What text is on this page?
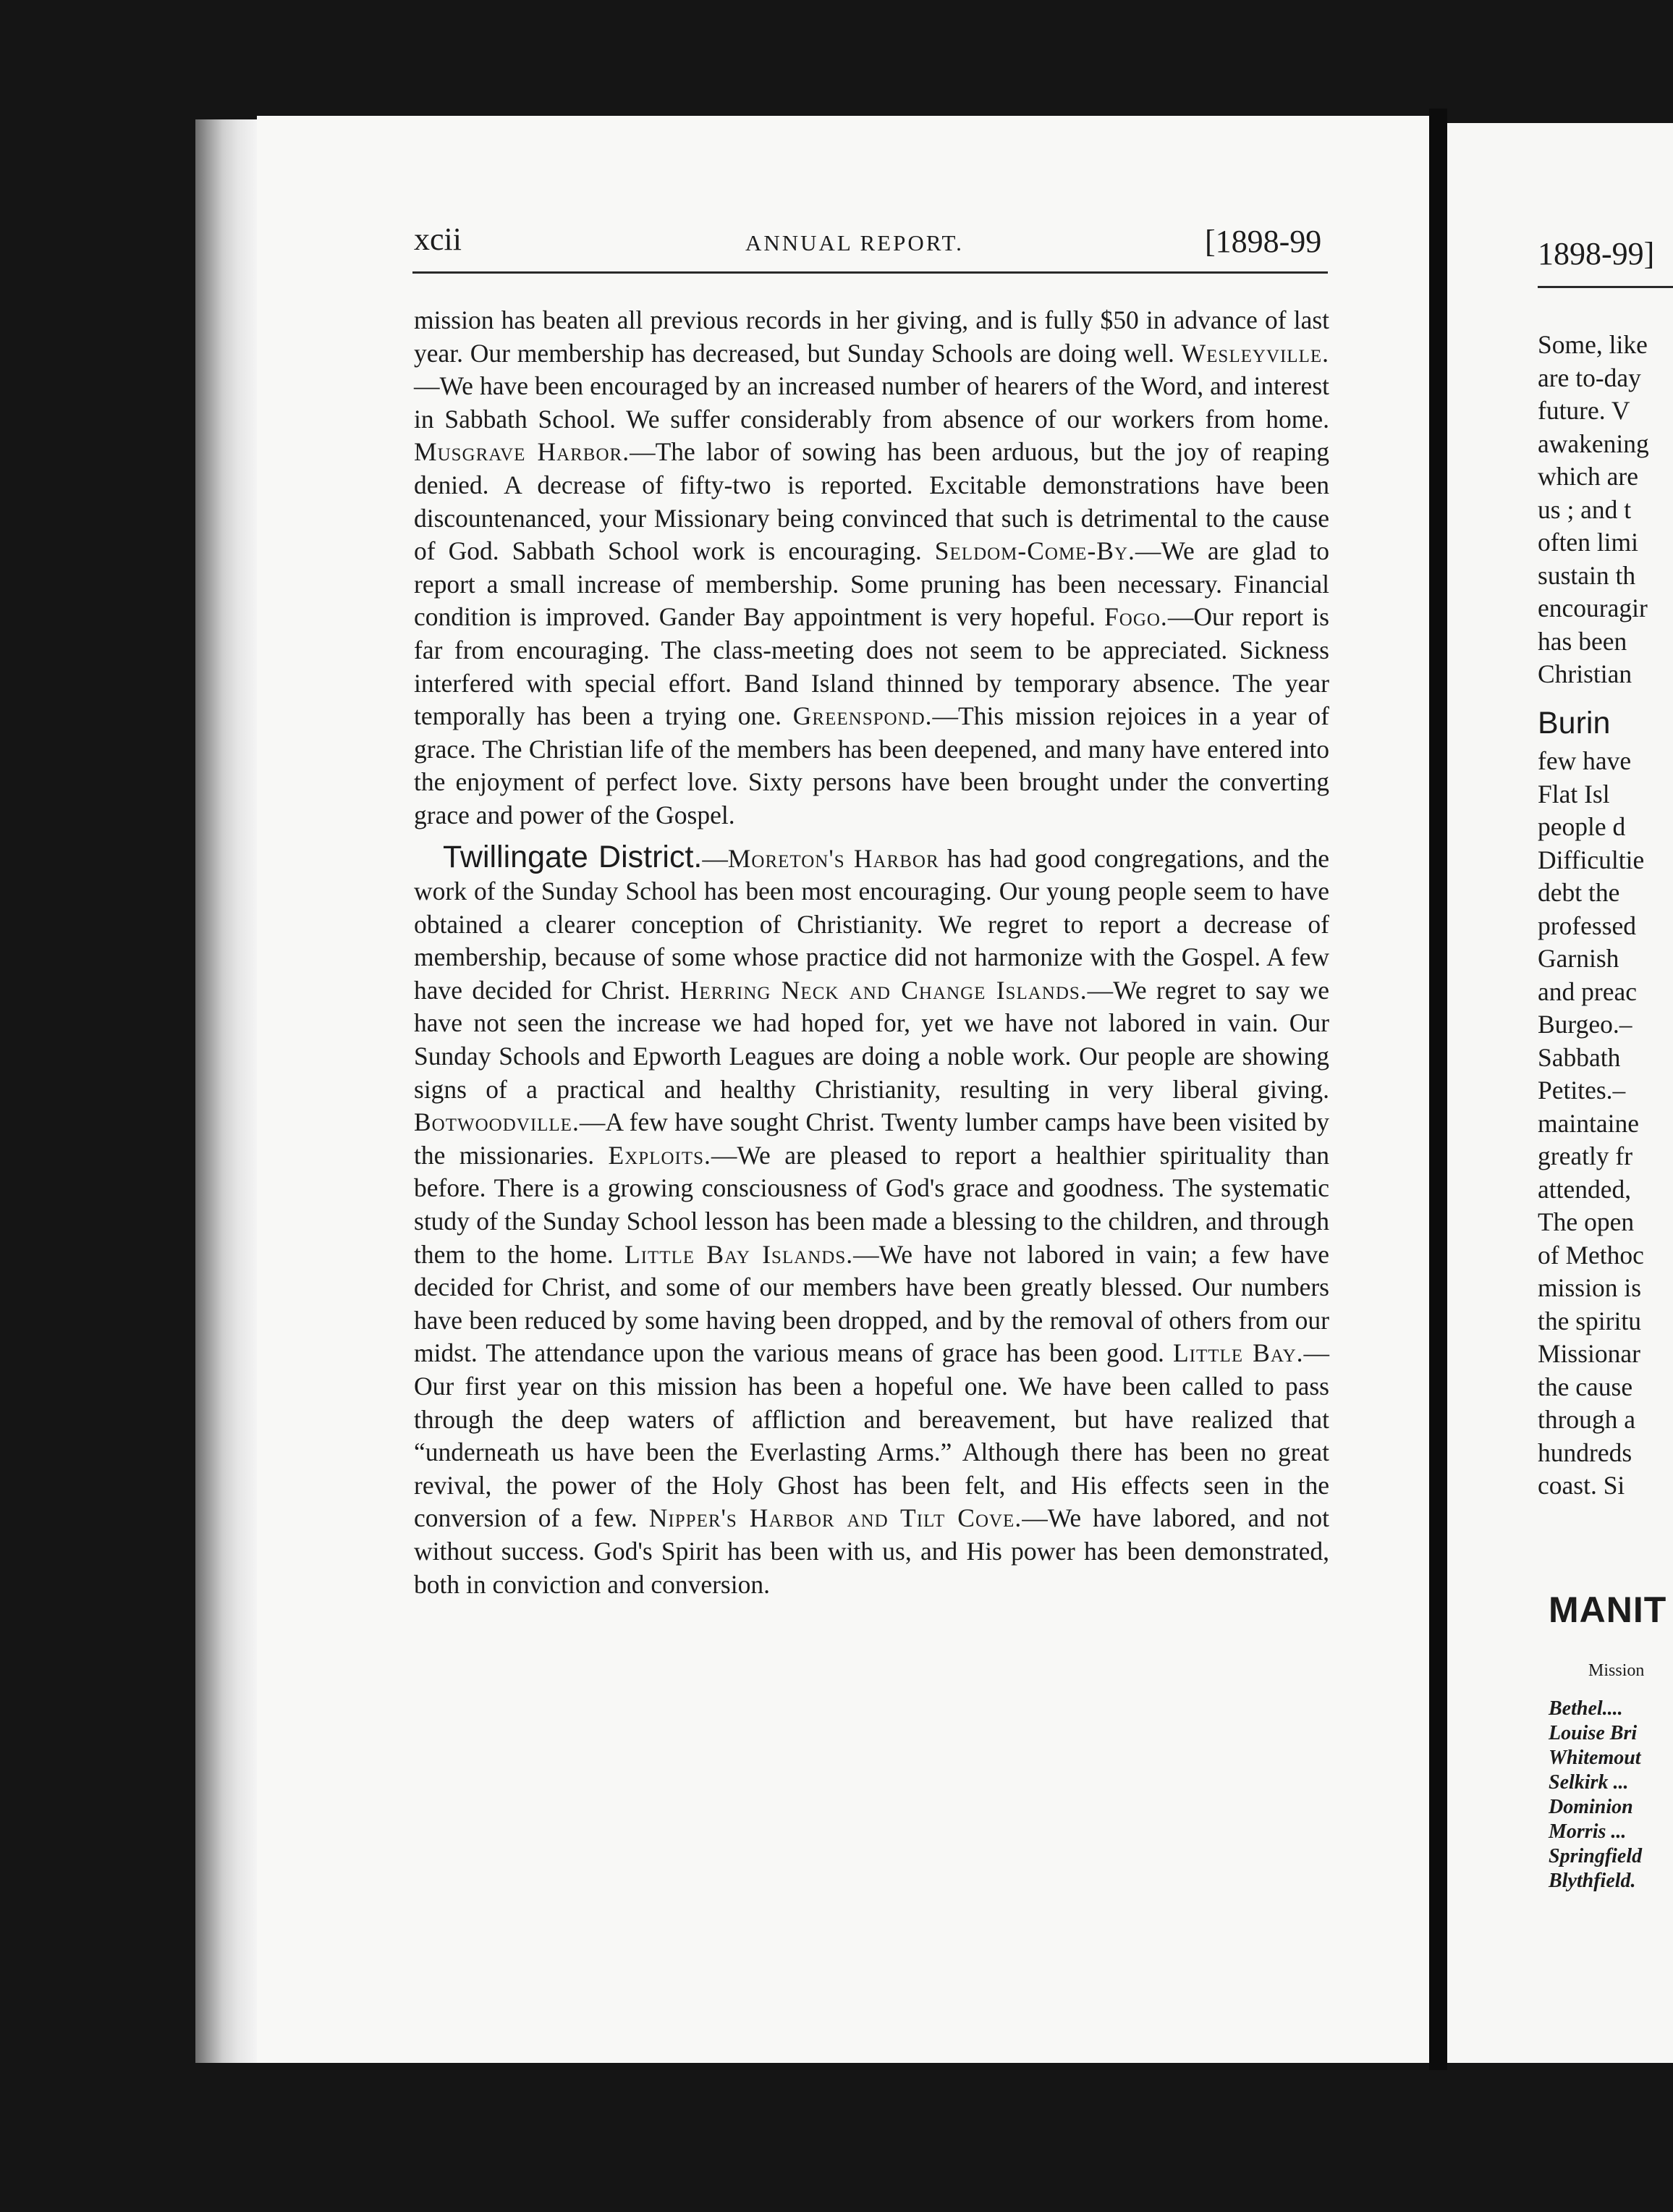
xcii	ANNUAL REPORT.	[1898-99

mission has beaten all previous records in her giving, and is fully $50 in advance of last year. Our membership has decreased, but Sunday Schools are doing well. Wesleyville.—We have been encouraged by an increased number of hearers of the Word, and interest in Sabbath School. We suffer considerably from absence of our workers from home. Musgrave Harbor.—The labor of sowing has been arduous, but the joy of reaping denied. A decrease of fifty-two is reported. Excitable demonstrations have been discountenanced, your Missionary being convinced that such is detrimental to the cause of God. Sabbath School work is encouraging. Seldom-Come-By.—We are glad to report a small increase of membership. Some pruning has been necessary. Financial condition is improved. Gander Bay appointment is very hopeful. Fogo.—Our report is far from encouraging. The class-meeting does not seem to be appreciated. Sickness interfered with special effort. Band Island thinned by temporary absence. The year temporally has been a trying one. Greenspond.—This mission rejoices in a year of grace. The Christian life of the members has been deepened, and many have entered into the enjoyment of perfect love. Sixty persons have been brought under the converting grace and power of the Gospel.

Twillingate District.—Moreton's Harbor has had good congregations, and the work of the Sunday School has been most encouraging. Our young people seem to have obtained a clearer conception of Christianity. We regret to report a decrease of membership, because of some whose practice did not harmonize with the Gospel. A few have decided for Christ. Herring Neck and Change Islands.—We regret to say we have not seen the increase we had hoped for, yet we have not labored in vain. Our Sunday Schools and Epworth Leagues are doing a noble work. Our people are showing signs of a practical and healthy Christianity, resulting in very liberal giving. Botwoodville.—A few have sought Christ. Twenty lumber camps have been visited by the missionaries. Exploits.—We are pleased to report a healthier spirituality than before. There is a growing consciousness of God's grace and goodness. The systematic study of the Sunday School lesson has been made a blessing to the children, and through them to the home. Little Bay Islands.—We have not labored in vain; a few have decided for Christ, and some of our members have been greatly blessed. Our numbers have been reduced by some having been dropped, and by the removal of others from our midst. The attendance upon the various means of grace has been good. Little Bay.—Our first year on this mission has been a hopeful one. We have been called to pass through the deep waters of affliction and bereavement, but have realized that “underneath us have been the Everlasting Arms.” Although there has been no great revival, the power of the Holy Ghost has been felt, and His effects seen in the conversion of a few. Nipper's Harbor and Tilt Cove.—We have labored, and not without success. God's Spirit has been with us, and His power has been demonstrated, both in conviction and conversion.

1898-99]
Some, like
are to-day
future. V
awakening
which are
us ; and t
often limi
sustain th
encouragir
has been
Christian
Burin
few have
Flat Isl
people d
Difficultie
debt the
professed
Garnish
and preac
Burgeo.–
Sabbath
Petites.–
maintaine
greatly fr
attended,
The open
of Methoc
mission is
the spiritu
Missionar
the cause
through a
hundreds
coast. Si
MANIT
Mission
Bethel....
Louise Bri
Whitemout
Selkirk ...
Dominion
Morris ...
Springfield
Blythfield.
